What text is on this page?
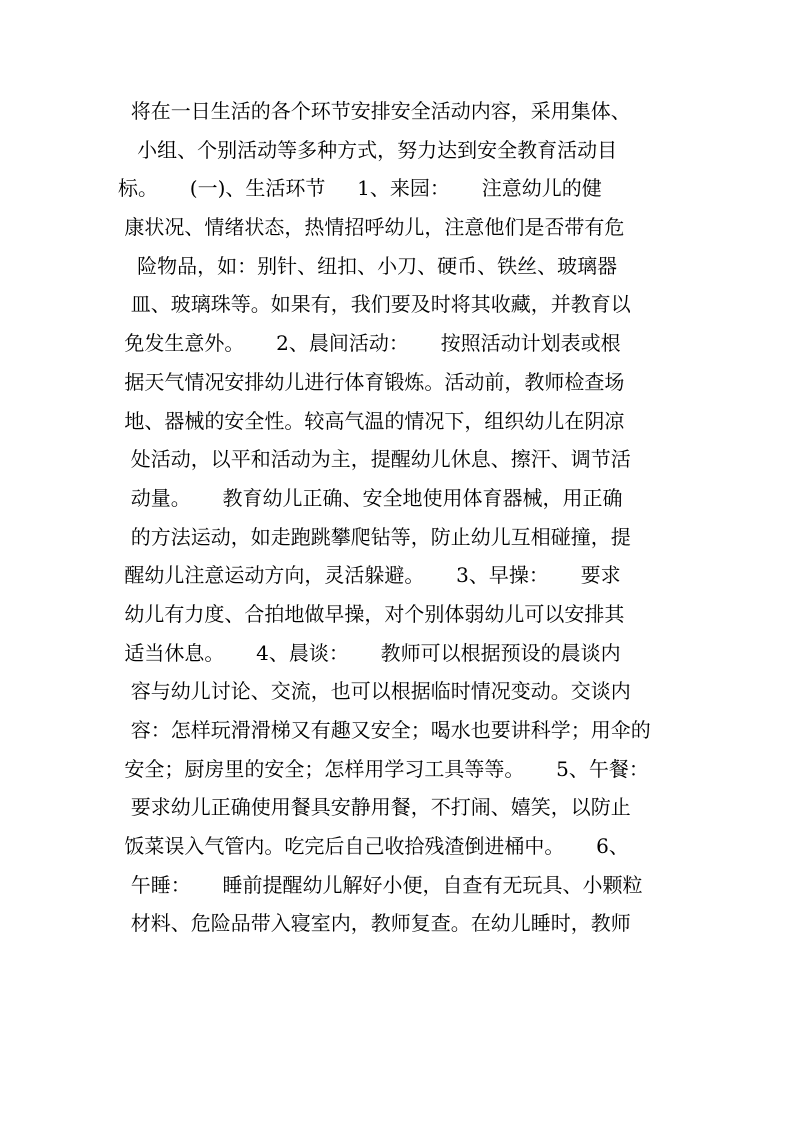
将在一日生活的各个环节安排安全活动内容，采用集体、
小组、个别活动等多种方式，努力达到安全教育活动目
标。     (一)、生活环节     1、来园：     注意幼儿的健
康状况、情绪状态，热情招呼幼儿，注意他们是否带有危
险物品，如：别针、纽扣、小刀、硬币、铁丝、玻璃器
皿、玻璃珠等。如果有，我们要及时将其收藏，并教育以
免发生意外。     2、晨间活动：     按照活动计划表或根
据天气情况安排幼儿进行体育锻炼。活动前，教师检查场
地、器械的安全性。较高气温的情况下，组织幼儿在阴凉
处活动，以平和活动为主，提醒幼儿休息、擦汗、调节活
动量。     教育幼儿正确、安全地使用体育器械，用正确
的方法运动，如走跑跳攀爬钻等，防止幼儿互相碰撞，提
醒幼儿注意运动方向，灵活躲避。     3、早操：     要求
幼儿有力度、合拍地做早操，对个别体弱幼儿可以安排其
适当休息。     4、晨谈：     教师可以根据预设的晨谈内
容与幼儿讨论、交流，也可以根据临时情况变动。交谈内
容：怎样玩滑滑梯又有趣又安全；喝水也要讲科学；用伞的
安全；厨房里的安全；怎样用学习工具等等。     5、午餐：
要求幼儿正确使用餐具安静用餐，不打闹、嬉笑，以防止
饭菜误入气管内。吃完后自己收拾残渣倒进桶中。     6、
午睡：     睡前提醒幼儿解好小便，自查有无玩具、小颗粒
材料、危险品带入寝室内，教师复查。在幼儿睡时，教师
